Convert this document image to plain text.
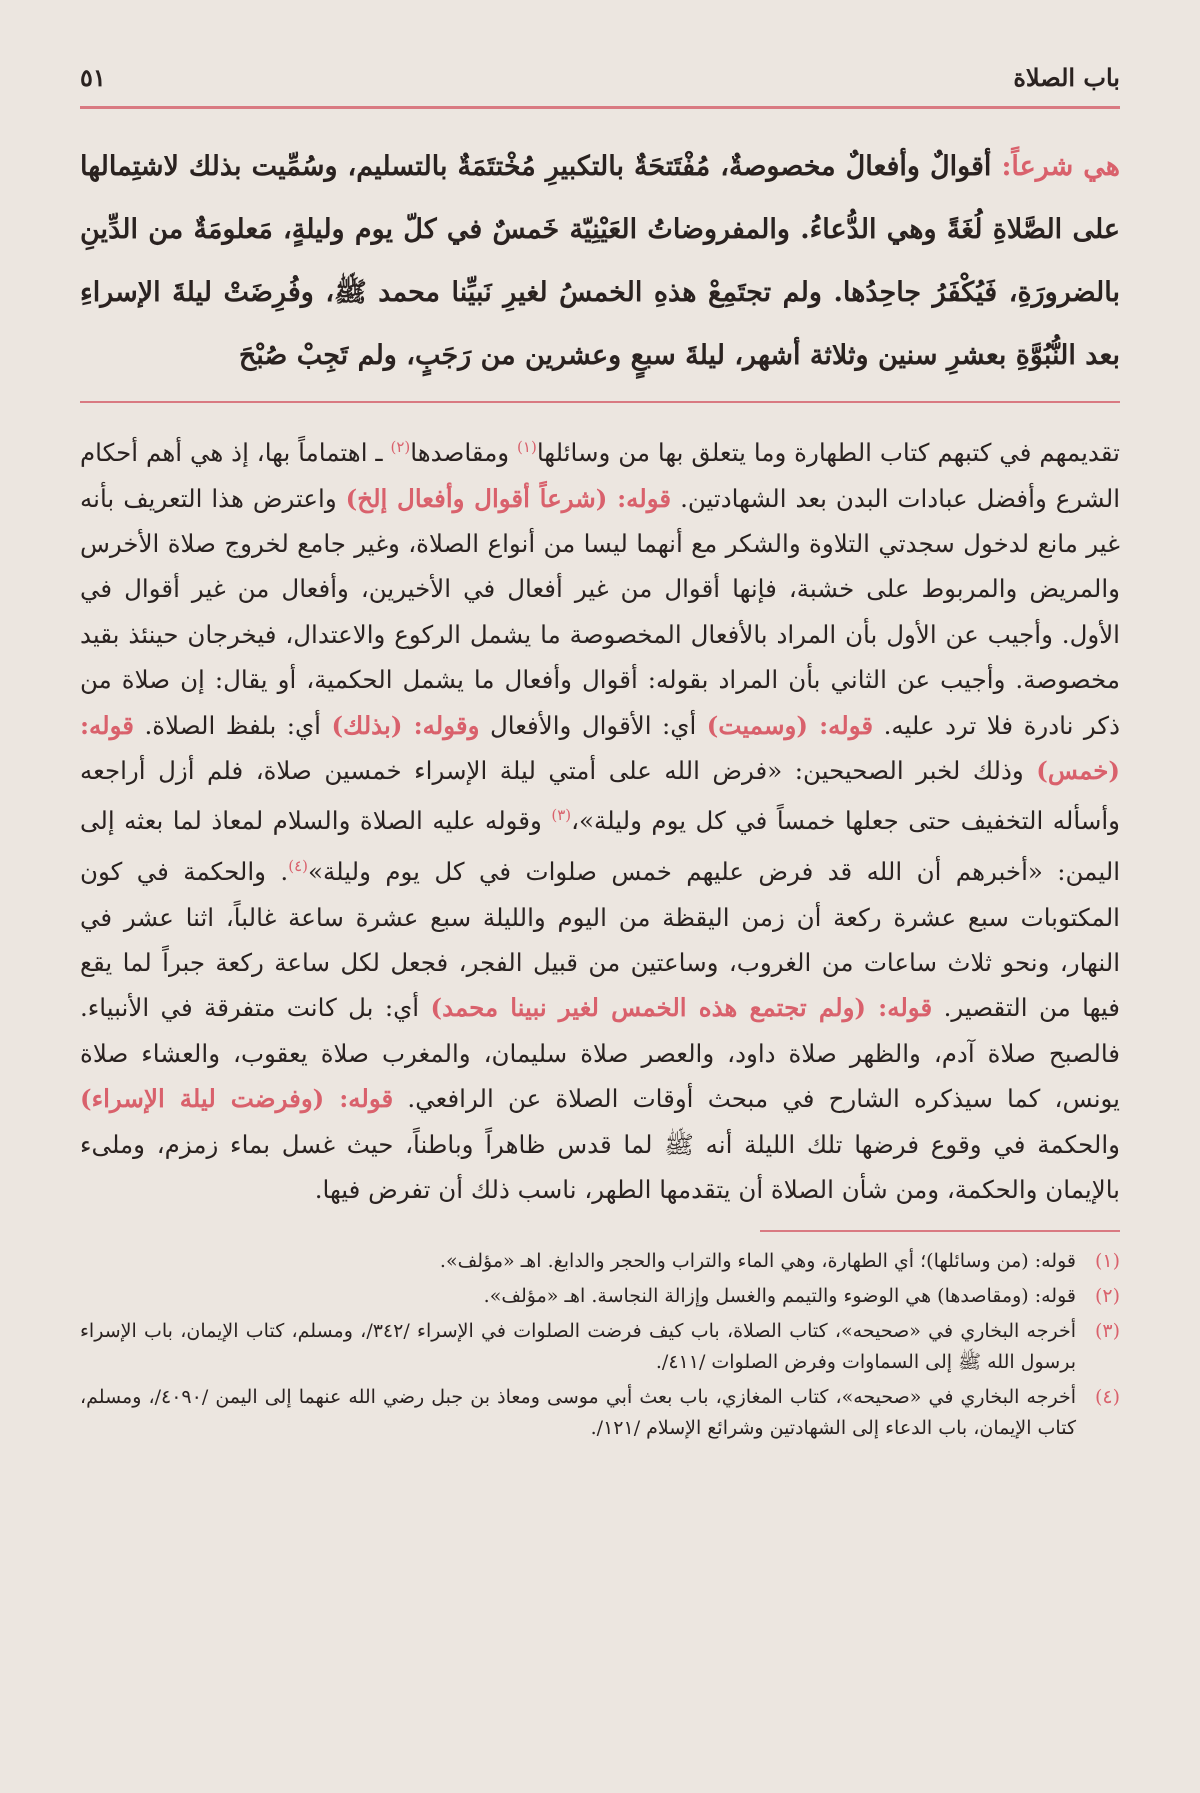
باب الصلاة
٥١
هي شرعاً: أقوالٌ وأفعالٌ مخصوصةٌ، مُفْتَتحَةٌ بالتكبيرِ مُخْتتَمَةٌ بالتسليم، وسُمِّيت بذلك لاشتِمالها على الصَّلاةِ لُغَةً وهي الدُّعاءُ. والمفروضاتُ العَيْنِيّة خَمسٌ في كلّ يوم وليلةٍ، مَعلومَةٌ من الدِّينِ بالضرورَةِ، فَيُكْفَرُ جاحِدُها. ولم تجتَمِعْ هذهِ الخمسُ لغيرِ نَبيِّنا محمد ﷺ، وفُرِضَتْ ليلةَ الإسراءِ بعد النُّبُوَّةِ بعشرِ سنين وثلاثة أشهر، ليلةَ سبعٍ وعشرين من رَجَبٍ، ولم تَجِبْ صُبْحَ
تقديمهم في كتبهم كتاب الطهارة وما يتعلق بها من وسائلها$^{(١)}$ ومقاصدها$^{(٢)}$ ـ اهتماماً بها، إذ هي أهم أحكام الشرع وأفضل عبادات البدن بعد الشهادتين. قوله: (شرعاً أقوال وأفعال إلخ) واعترض هذا التعريف بأنه غير مانع لدخول سجدتي التلاوة والشكر مع أنهما ليسا من أنواع الصلاة، وغير جامع لخروج صلاة الأخرس والمريض والمربوط على خشبة، فإنها أقوال من غير أفعال في الأخيرين، وأفعال من غير أقوال في الأول. وأجيب عن الأول بأن المراد بالأفعال المخصوصة ما يشمل الركوع والاعتدال، فيخرجان حينئذ بقيد مخصوصة. وأجيب عن الثاني بأن المراد بقوله: أقوال وأفعال ما يشمل الحكمية، أو يقال: إن صلاة من ذكر نادرة فلا ترد عليه. قوله: (وسميت) أي: الأقوال والأفعال وقوله: (بذلك) أي: بلفظ الصلاة. قوله: (خمس) وذلك لخبر الصحيحين: «فرض الله على أمتي ليلة الإسراء خمسين صلاة، فلم أزل أراجعه وأسأله التخفيف حتى جعلها خمساً في كل يوم وليلة»،$^{(٣)}$ وقوله عليه الصلاة والسلام لمعاذ لما بعثه إلى اليمن: «أخبرهم أن الله قد فرض عليهم خمس صلوات في كل يوم وليلة»$^{(٤)}$. والحكمة في كون المكتوبات سبع عشرة ركعة أن زمن اليقظة من اليوم والليلة سبع عشرة ساعة غالباً، اثنا عشر في النهار، ونحو ثلاث ساعات من الغروب، وساعتين من قبيل الفجر، فجعل لكل ساعة ركعة جبراً لما يقع فيها من التقصير. قوله: (ولم تجتمع هذه الخمس لغير نبينا محمد) أي: بل كانت متفرقة في الأنبياء. فالصبح صلاة آدم، والظهر صلاة داود، والعصر صلاة سليمان، والمغرب صلاة يعقوب، والعشاء صلاة يونس، كما سيذكره الشارح في مبحث أوقات الصلاة عن الرافعي. قوله: (وفرضت ليلة الإسراء) والحكمة في وقوع فرضها تلك الليلة أنه ﷺ لما قدس ظاهراً وباطناً، حيث غسل بماء زمزم، وملىء بالإيمان والحكمة، ومن شأن الصلاة أن يتقدمها الطهر، ناسب ذلك أن تفرض فيها.
(١)
قوله: (من وسائلها)؛ أي الطهارة، وهي الماء والتراب والحجر والدابغ. اهـ «مؤلف».
(٢)
قوله: (ومقاصدها) هي الوضوء والتيمم والغسل وإزالة النجاسة. اهـ «مؤلف».
(٣)
أخرجه البخاري في «صحيحه»، كتاب الصلاة، باب كيف فرضت الصلوات في الإسراء /٣٤٢/، ومسلم، كتاب الإيمان، باب الإسراء برسول الله ﷺ إلى السماوات وفرض الصلوات /٤١١/.
(٤)
أخرجه البخاري في «صحيحه»، كتاب المغازي، باب بعث أبي موسى ومعاذ بن جبل رضي الله عنهما إلى اليمن /٤٠٩٠/، ومسلم، كتاب الإيمان، باب الدعاء إلى الشهادتين وشرائع الإسلام /١٢١/.
